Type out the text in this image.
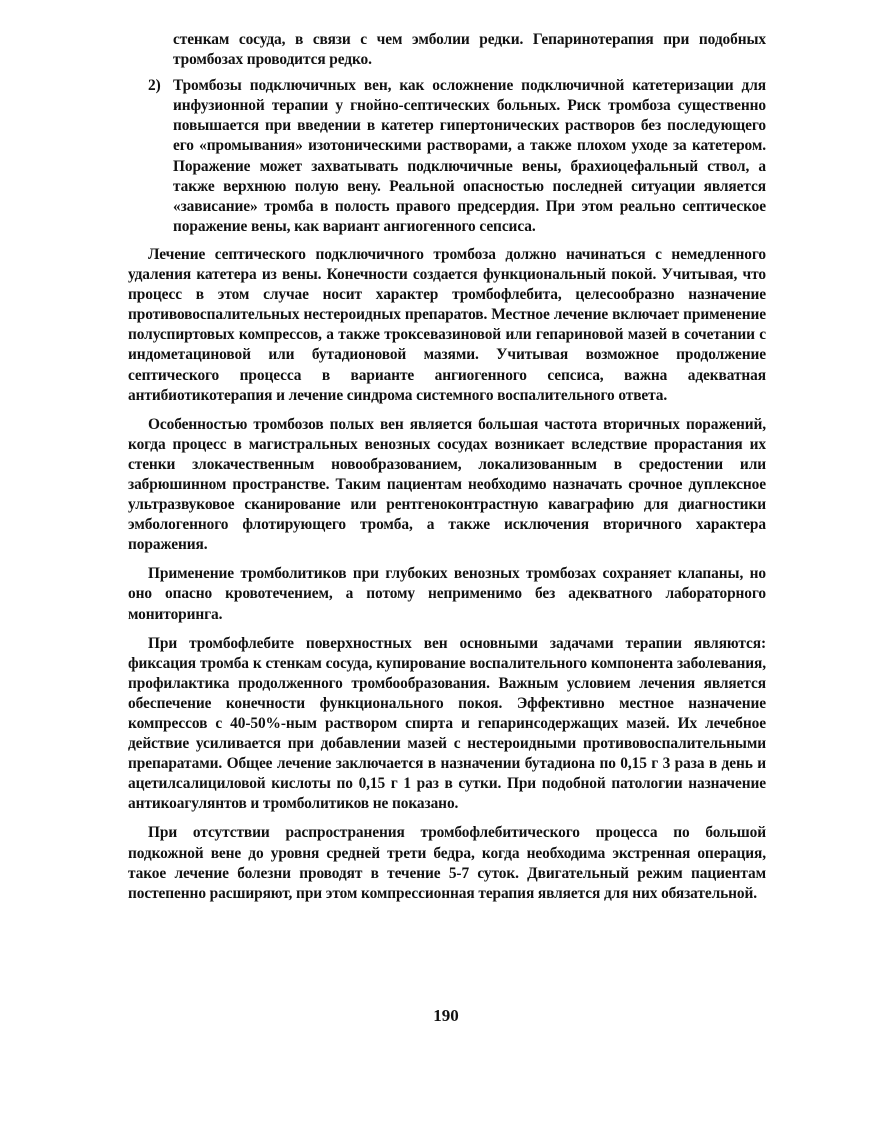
стенкам сосуда, в связи с чем эмболии редки. Гепаринотерапия при подобных тромбозах проводится редко.

2) Тромбозы подключичных вен, как осложнение подключичной катетеризации для инфузионной терапии у гнойно-септических больных. Риск тромбоза существенно повышается при введении в катетер гипертонических растворов без последующего его «промывания» изотоническими растворами, а также плохом уходе за катетером. Поражение может захватывать подключичные вены, брахиоцефальный ствол, а также верхнюю полую вену. Реальной опасностью последней ситуации является «зависание» тромба в полость правого предсердия. При этом реально септическое поражение вены, как вариант ангиогенного сепсиса.

Лечение септического подключичного тромбоза должно начинаться с немедленного удаления катетера из вены. Конечности создается функциональный покой. Учитывая, что процесс в этом случае носит характер тромбофлебита, целесообразно назначение противовоспалительных нестероидных препаратов. Местное лечение включает применение полуспиртовых компрессов, а также троксевазиновой или гепариновой мазей в сочетании с индометациновой или бутадионовой мазями. Учитывая возможное продолжение септического процесса в варианте ангиогенного сепсиса, важна адекватная антибиотикотерапия и лечение синдрома системного воспалительного ответа.

Особенностью тромбозов полых вен является большая частота вторичных поражений, когда процесс в магистральных венозных сосудах возникает вследствие прорастания их стенки злокачественным новообразованием, локализованным в средостении или забрюшинном пространстве. Таким пациентам необходимо назначать срочное дуплексное ультразвуковое сканирование или рентгеноконтрастную каваграфию для диагностики эмбологенного флотирующего тромба, а также исключения вторичного характера поражения.

Применение тромболитиков при глубоких венозных тромбозах сохраняет клапаны, но оно опасно кровотечением, а потому неприменимо без адекватного лабораторного мониторинга.

При тромбофлебите поверхностных вен основными задачами терапии являются: фиксация тромба к стенкам сосуда, купирование воспалительного компонента заболевания, профилактика продолженного тромбообразования. Важным условием лечения является обеспечение конечности функционального покоя. Эффективно местное назначение компрессов с 40-50%-ным раствором спирта и гепаринсодержащих мазей. Их лечебное действие усиливается при добавлении мазей с нестероидными противовоспалительными препаратами. Общее лечение заключается в назначении бутадиона по 0,15 г 3 раза в день и ацетилсалициловой кислоты по 0,15 г 1 раз в сутки. При подобной патологии назначение антикоагулянтов и тромболитиков не показано.

При отсутствии распространения тромбофлебитического процесса по большой подкожной вене до уровня средней трети бедра, когда необходима экстренная операция, такое лечение болезни проводят в течение 5-7 суток. Двигательный режим пациентам постепенно расширяют, при этом компрессионная терапия является для них обязательной.

190
